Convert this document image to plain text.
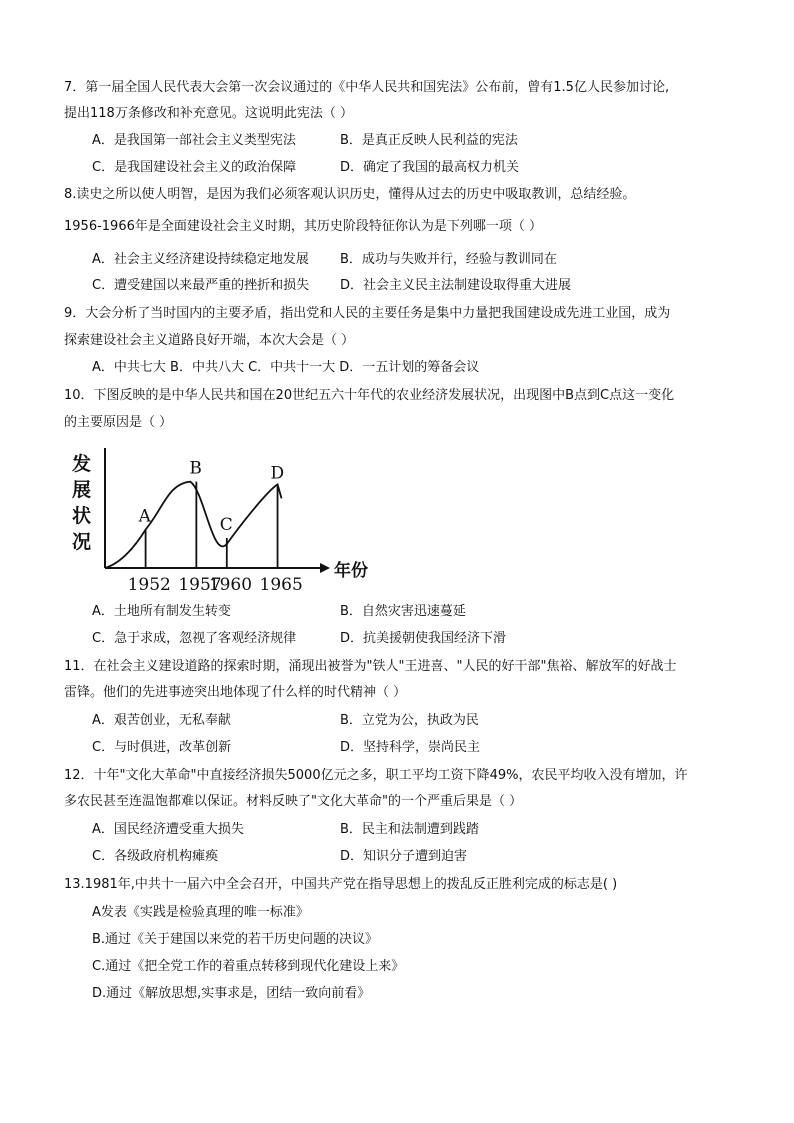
7．第一届全国人民代表大会第一次会议通过的《中华人民共和国宪法》公布前，曾有1.5亿人民参加讨论,
提出118万条修改和补充意见。这说明此宪法（ ）
A．是我国第一部社会主义类型宪法	B．是真正反映人民利益的宪法
C．是我国建设社会主义的政治保障	D．确定了我国的最高权力机关
8.读史之所以使人明智，是因为我们必须客观认识历史，懂得从过去的历史中吸取教训，总结经验。
1956-1966年是全面建设社会主义时期，其历史阶段特征你认为是下列哪一项（ ）
A．社会主义经济建设持续稳定地发展 B．成功与失败并行，经验与教训同在
C．遭受建国以来最严重的挫折和损失 D．社会主义民主法制建设取得重大进展
9．大会分析了当时国内的主要矛盾，指出党和人民的主要任务是集中力量把我国建设成先进工业国，成为
探索建设社会主义道路良好开端，本次大会是（ ）
A．中共七大 B．中共八大 C．中共十一大 D．一五计划的筹备会议
10．下图反映的是中华人民共和国在20世纪五六十年代的农业经济发展状况，出现图中B点到C点这一变化
的主要原因是（ ）
发
展
状
况
年份
A
1952
B
1957
C
1960
D
1965
A．土地所有制发生转变	B．自然灾害迅速蔓延
C．急于求成，忽视了客观经济规律	D．抗美援朝使我国经济下滑
11．在社会主义建设道路的探索时期，涌现出被誉为"铁人"王进喜、"人民的好干部"焦裕、解放军的好战士
雷锋。他们的先进事迹突出地体现了什么样的时代精神（ ）
A．艰苦创业，无私奉献	B．立党为公，执政为民
C．与时俱进，改革创新	D．坚持科学，崇尚民主
12．十年"文化大革命"中直接经济损失5000亿元之多，职工平均工资下降49%，农民平均收入没有增加，许
多农民甚至连温饱都难以保证。材料反映了"文化大革命"的一个严重后果是（ ）
A．国民经济遭受重大损失	B．民主和法制遭到践踏
C．各级政府机构瘫痪	D．知识分子遭到迫害
13.1981年,中共十一届六中全会召开，中国共产党在指导思想上的拨乱反正胜利完成的标志是( )
A发表《实践是检验真理的唯一标准》
B.通过《关于建国以来党的若干历史问题的决议》
C.通过《把全党工作的着重点转移到现代化建设上来》
D.通过《解放思想,实事求是，团结一致向前看》
